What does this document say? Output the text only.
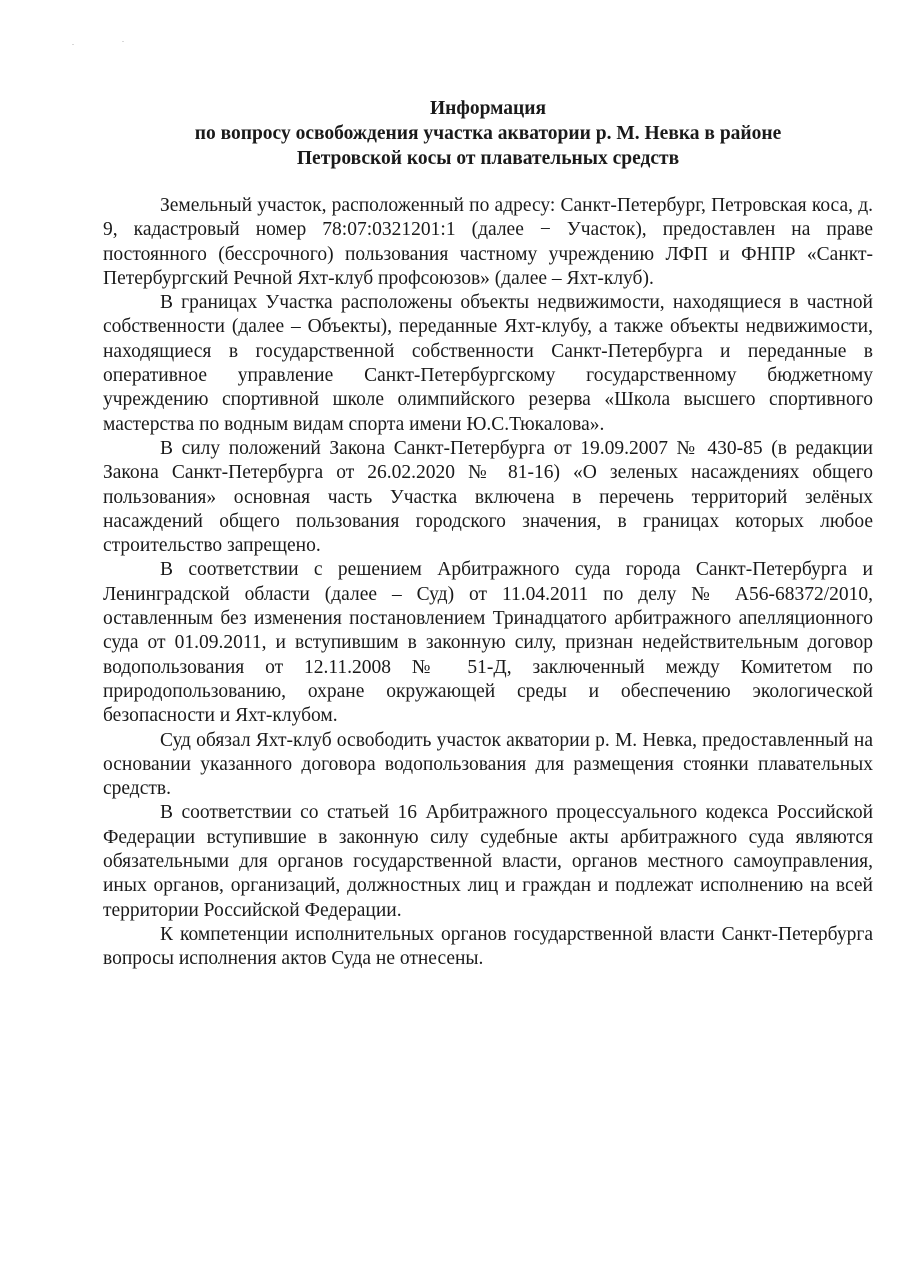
Информация
по вопросу освобождения участка акватории р. М. Невка в районе
Петровской косы от плавательных средств

Земельный участок, расположенный по адресу: Санкт-Петербург, Петровская коса, д. 9, кадастровый номер 78:07:0321201:1 (далее − Участок), предоставлен на праве постоянного (бессрочного) пользования частному учреждению ЛФП и ФНПР «Санкт-Петербургский Речной Яхт-клуб профсоюзов» (далее – Яхт-клуб).

В границах Участка расположены объекты недвижимости, находящиеся в частной собственности (далее – Объекты), переданные Яхт-клубу, а также объекты недвижимости, находящиеся в государственной собственности Санкт-Петербурга и переданные в оперативное управление Санкт-Петербургскому государственному бюджетному учреждению спортивной школе олимпийского резерва «Школа высшего спортивного мастерства по водным видам спорта имени Ю.С.Тюкалова».

В силу положений Закона Санкт-Петербурга от 19.09.2007 № 430-85 (в редакции Закона Санкт-Петербурга от 26.02.2020 № 81-16) «О зеленых насаждениях общего пользования» основная часть Участка включена в перечень территорий зелёных насаждений общего пользования городского значения, в границах которых любое строительство запрещено.

В соответствии с решением Арбитражного суда города Санкт-Петербурга и Ленинградской области (далее – Суд) от 11.04.2011 по делу № А56-68372/2010, оставленным без изменения постановлением Тринадцатого арбитражного апелляционного суда от 01.09.2011, и вступившим в законную силу, признан недействительным договор водопользования от 12.11.2008 № 51-Д, заключенный между Комитетом по природопользованию, охране окружающей среды и обеспечению экологической безопасности и Яхт-клубом.

Суд обязал Яхт-клуб освободить участок акватории р. М. Невка, предоставленный на основании указанного договора водопользования для размещения стоянки плавательных средств.

В соответствии со статьей 16 Арбитражного процессуального кодекса Российской Федерации вступившие в законную силу судебные акты арбитражного суда являются обязательными для органов государственной власти, органов местного самоуправления, иных органов, организаций, должностных лиц и граждан и подлежат исполнению на всей территории Российской Федерации.

К компетенции исполнительных органов государственной власти Санкт-Петербурга вопросы исполнения актов Суда не отнесены.
